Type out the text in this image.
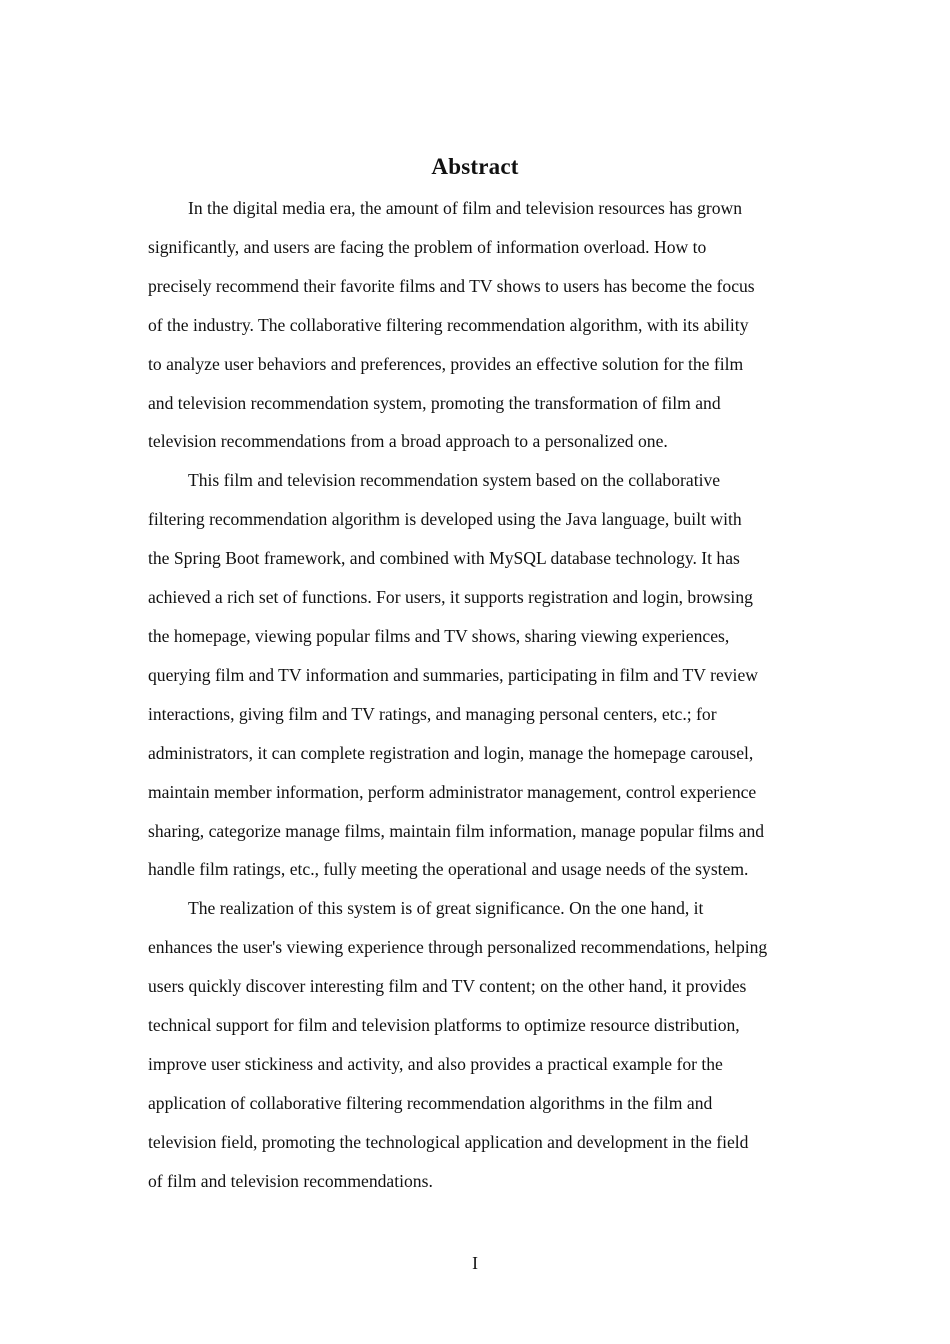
Abstract

In the digital media era, the amount of film and television resources has grown
significantly, and users are facing the problem of information overload. How to
precisely recommend their favorite films and TV shows to users has become the focus
of the industry. The collaborative filtering recommendation algorithm, with its ability
to analyze user behaviors and preferences, provides an effective solution for the film
and television recommendation system, promoting the transformation of film and
television recommendations from a broad approach to a personalized one.

This film and television recommendation system based on the collaborative
filtering recommendation algorithm is developed using the Java language, built with
the Spring Boot framework, and combined with MySQL database technology. It has
achieved a rich set of functions. For users, it supports registration and login, browsing
the homepage, viewing popular films and TV shows, sharing viewing experiences,
querying film and TV information and summaries, participating in film and TV review
interactions, giving film and TV ratings, and managing personal centers, etc.; for
administrators, it can complete registration and login, manage the homepage carousel,
maintain member information, perform administrator management, control experience
sharing, categorize manage films, maintain film information, manage popular films and
handle film ratings, etc., fully meeting the operational and usage needs of the system.

The realization of this system is of great significance. On the one hand, it
enhances the user's viewing experience through personalized recommendations, helping
users quickly discover interesting film and TV content; on the other hand, it provides
technical support for film and television platforms to optimize resource distribution,
improve user stickiness and activity, and also provides a practical example for the
application of collaborative filtering recommendation algorithms in the film and
television field, promoting the technological application and development in the field
of film and television recommendations.

I
